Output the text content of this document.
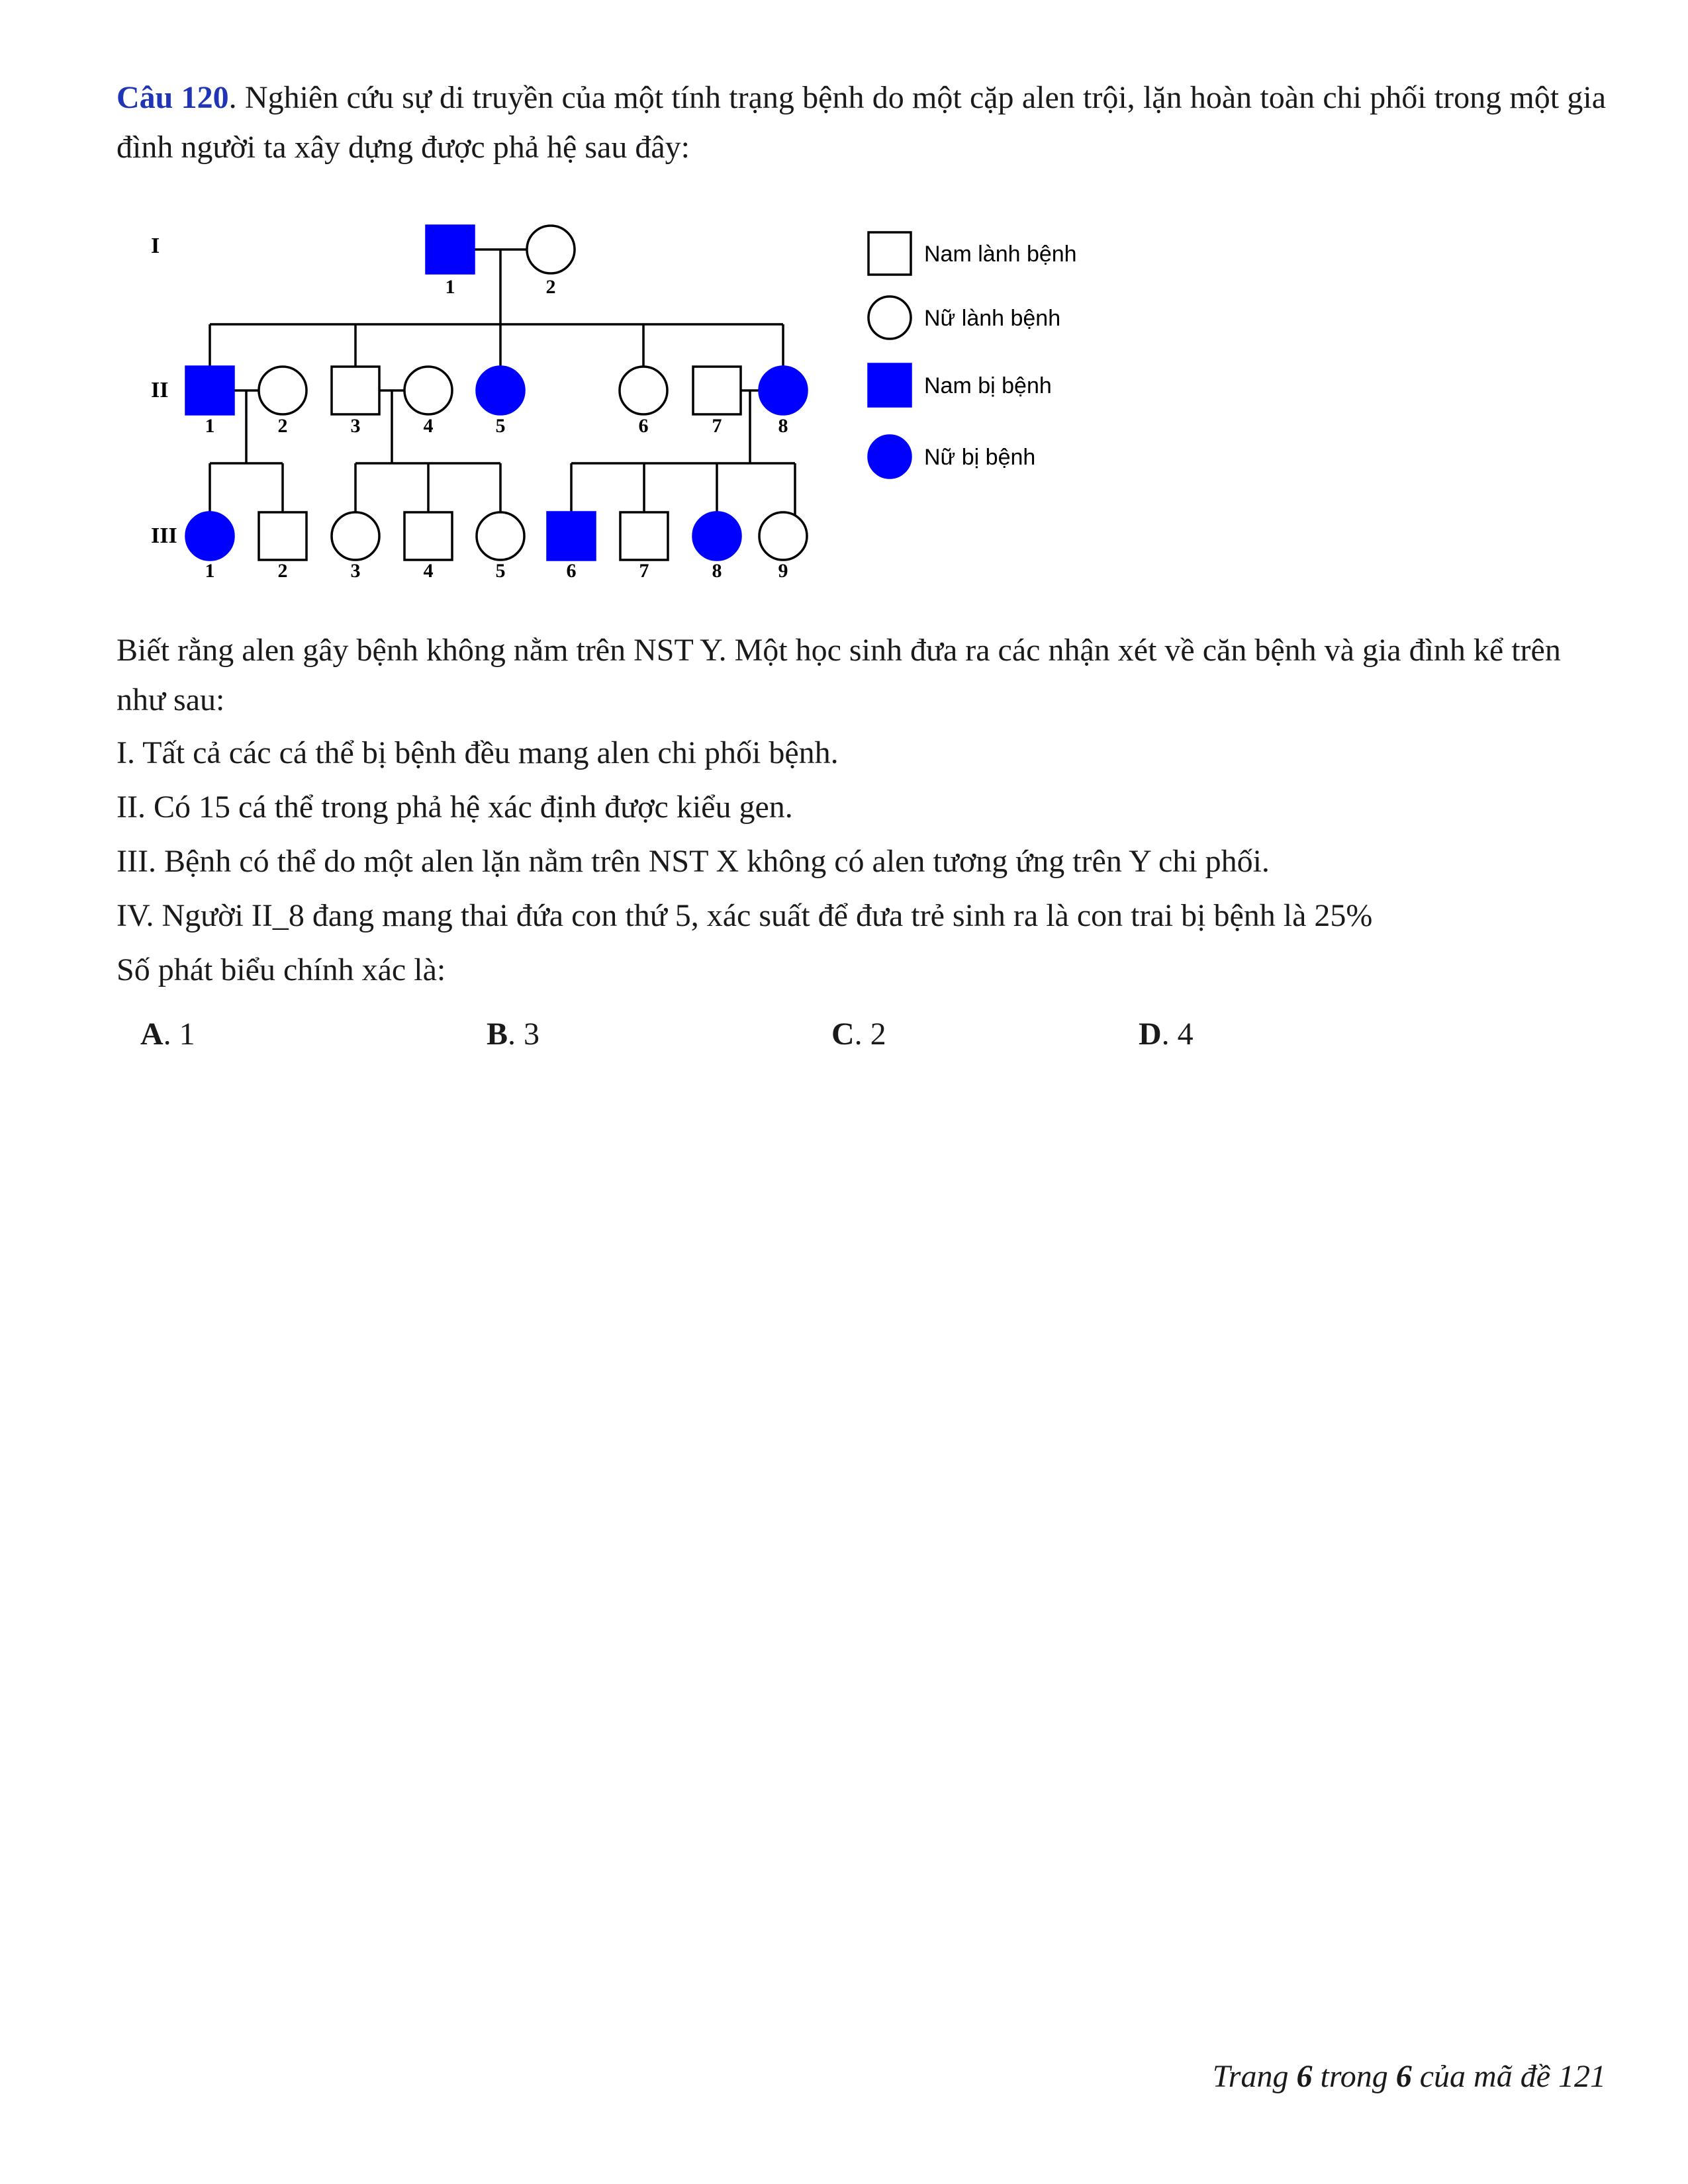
Câu 120. Nghiên cứu sự di truyền của một tính trạng bệnh do một cặp alen trội, lặn hoàn toàn chi phối trong một gia đình người ta xây dựng được phả hệ sau đây:

I
II
III
1	2
1	2	3	4	5	6	7	8
1	2	3	4	5	6	7	8	9
Nam lành bệnh
Nữ lành bệnh
Nam bị bệnh
Nữ bị bệnh

Biết rằng alen gây bệnh không nằm trên NST Y. Một học sinh đưa ra các nhận xét về căn bệnh và gia đình kể trên như sau:

I. Tất cả các cá thể bị bệnh đều mang alen chi phối bệnh.

II. Có 15 cá thể trong phả hệ xác định được kiểu gen.

III. Bệnh có thể do một alen lặn nằm trên NST X không có alen tương ứng trên Y chi phối.

IV. Người II_8 đang mang thai đứa con thứ 5, xác suất để đưa trẻ sinh ra là con trai bị bệnh là 25%

Số phát biểu chính xác là:

A. 1	B. 3	C. 2	D. 4
Trang 6 trong 6 của mã đề 121
